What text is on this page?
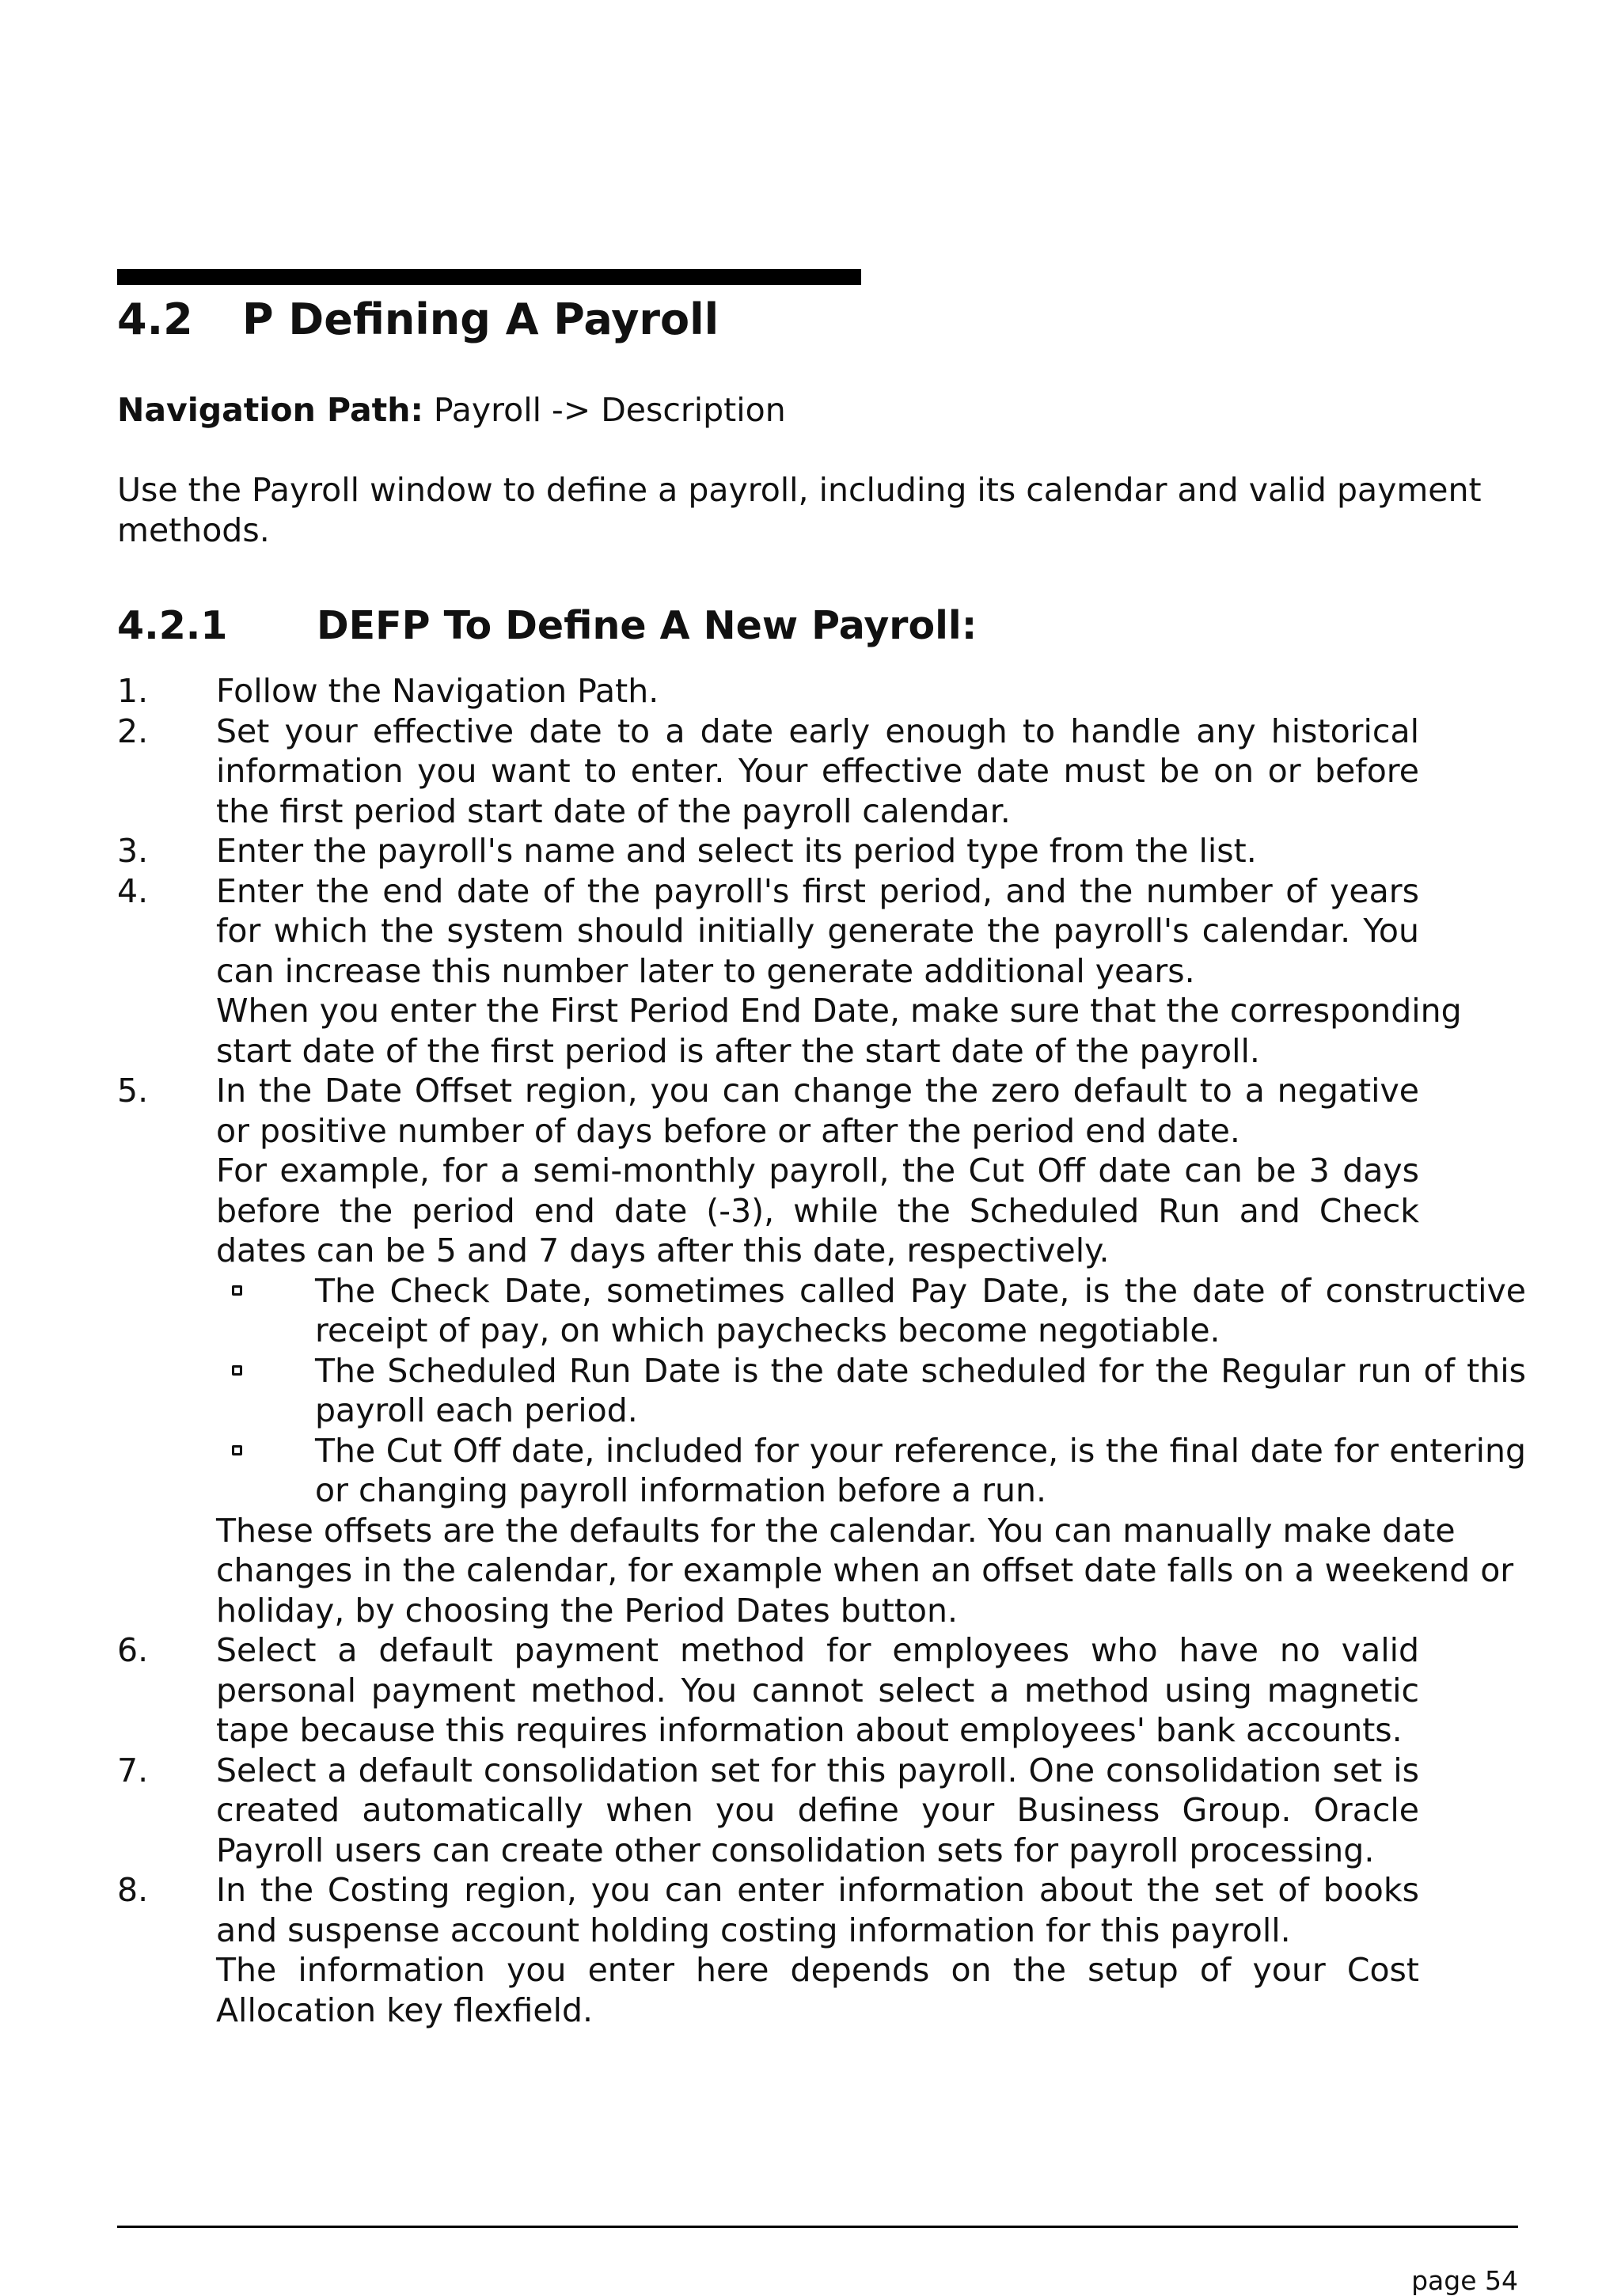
4.2 P Defining A Payroll

Navigation Path: Payroll -> Description

Use the Payroll window to define a payroll, including its calendar and valid payment methods.

4.2.1 DEFP To Define A New Payroll:
1. Follow the Navigation Path.

2. Set your effective date to a date early enough to handle any historical information you want to enter. Your effective date must be on or before the first period start date of the payroll calendar.

3. Enter the payroll's name and select its period type from the list.

4. Enter the end date of the payroll's first period, and the number of years for which the system should initially generate the payroll's calendar. You can increase this number later to generate additional years.

When you enter the First Period End Date, make sure that the corresponding start date of the first period is after the start date of the payroll.

5. In the Date Offset region, you can change the zero default to a negative or positive number of days before or after the period end date.

For example, for a semi-monthly payroll, the Cut Off date can be 3 days before the period end date (-3), while the Scheduled Run and Check dates can be 5 and 7 days after this date, respectively.

The Check Date, sometimes called Pay Date, is the date of constructive receipt of pay, on which paychecks become negotiable.
The Scheduled Run Date is the date scheduled for the Regular run of this payroll each period.
The Cut Off date, included for your reference, is the final date for entering or changing payroll information before a run.

These offsets are the defaults for the calendar. You can manually make date changes in the calendar, for example when an offset date falls on a weekend or holiday, by choosing the Period Dates button.

6. Select a default payment method for employees who have no valid personal payment method. You cannot select a method using magnetic tape because this requires information about employees' bank accounts.

7. Select a default consolidation set for this payroll. One consolidation set is created automatically when you define your Business Group. Oracle Payroll users can create other consolidation sets for payroll processing.

8. In the Costing region, you can enter information about the set of books and suspense account holding costing information for this payroll.

The information you enter here depends on the setup of your Cost Allocation key flexfield.

page 54
